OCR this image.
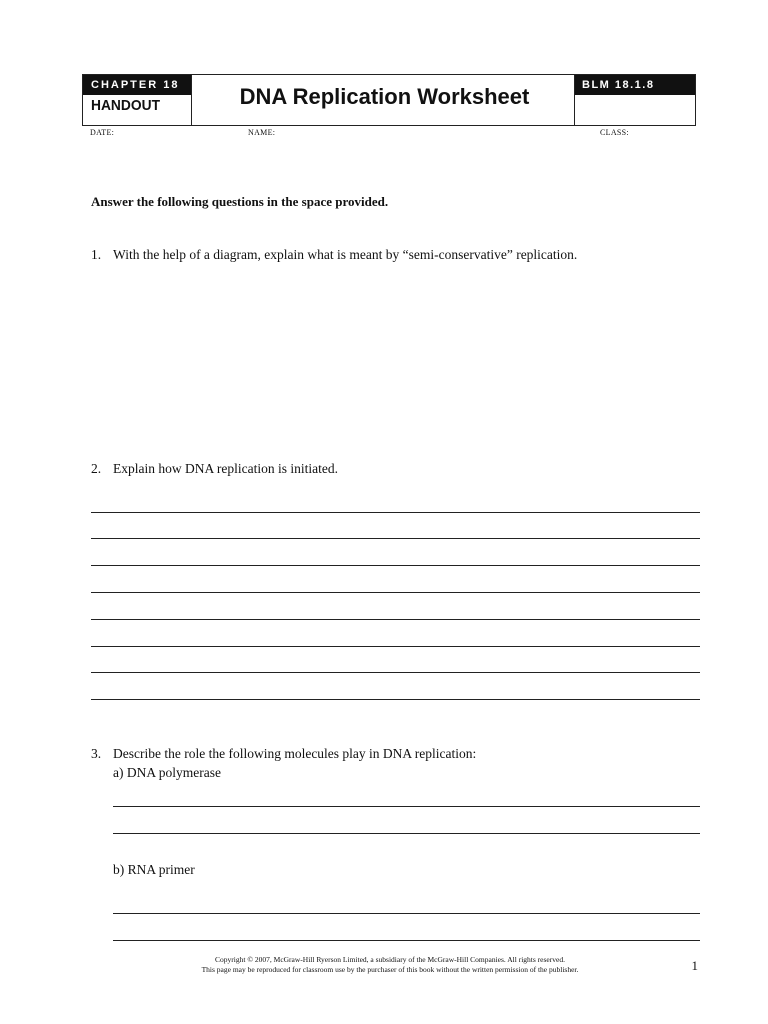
CHAPTER 18
HANDOUT	DNA Replication Worksheet	BLM 18.1.8
DATE:	NAME:	CLASS:
Answer the following questions in the space provided.
1. With the help of a diagram, explain what is meant by “semi-conservative” replication.
2. Explain how DNA replication is initiated.
3. Describe the role the following molecules play in DNA replication:
a) DNA polymerase
b) RNA primer
Copyright © 2007, McGraw-Hill Ryerson Limited, a subsidiary of the McGraw-Hill Companies. All rights reserved.
This page may be reproduced for classroom use by the purchaser of this book without the written permission of the publisher.	1
